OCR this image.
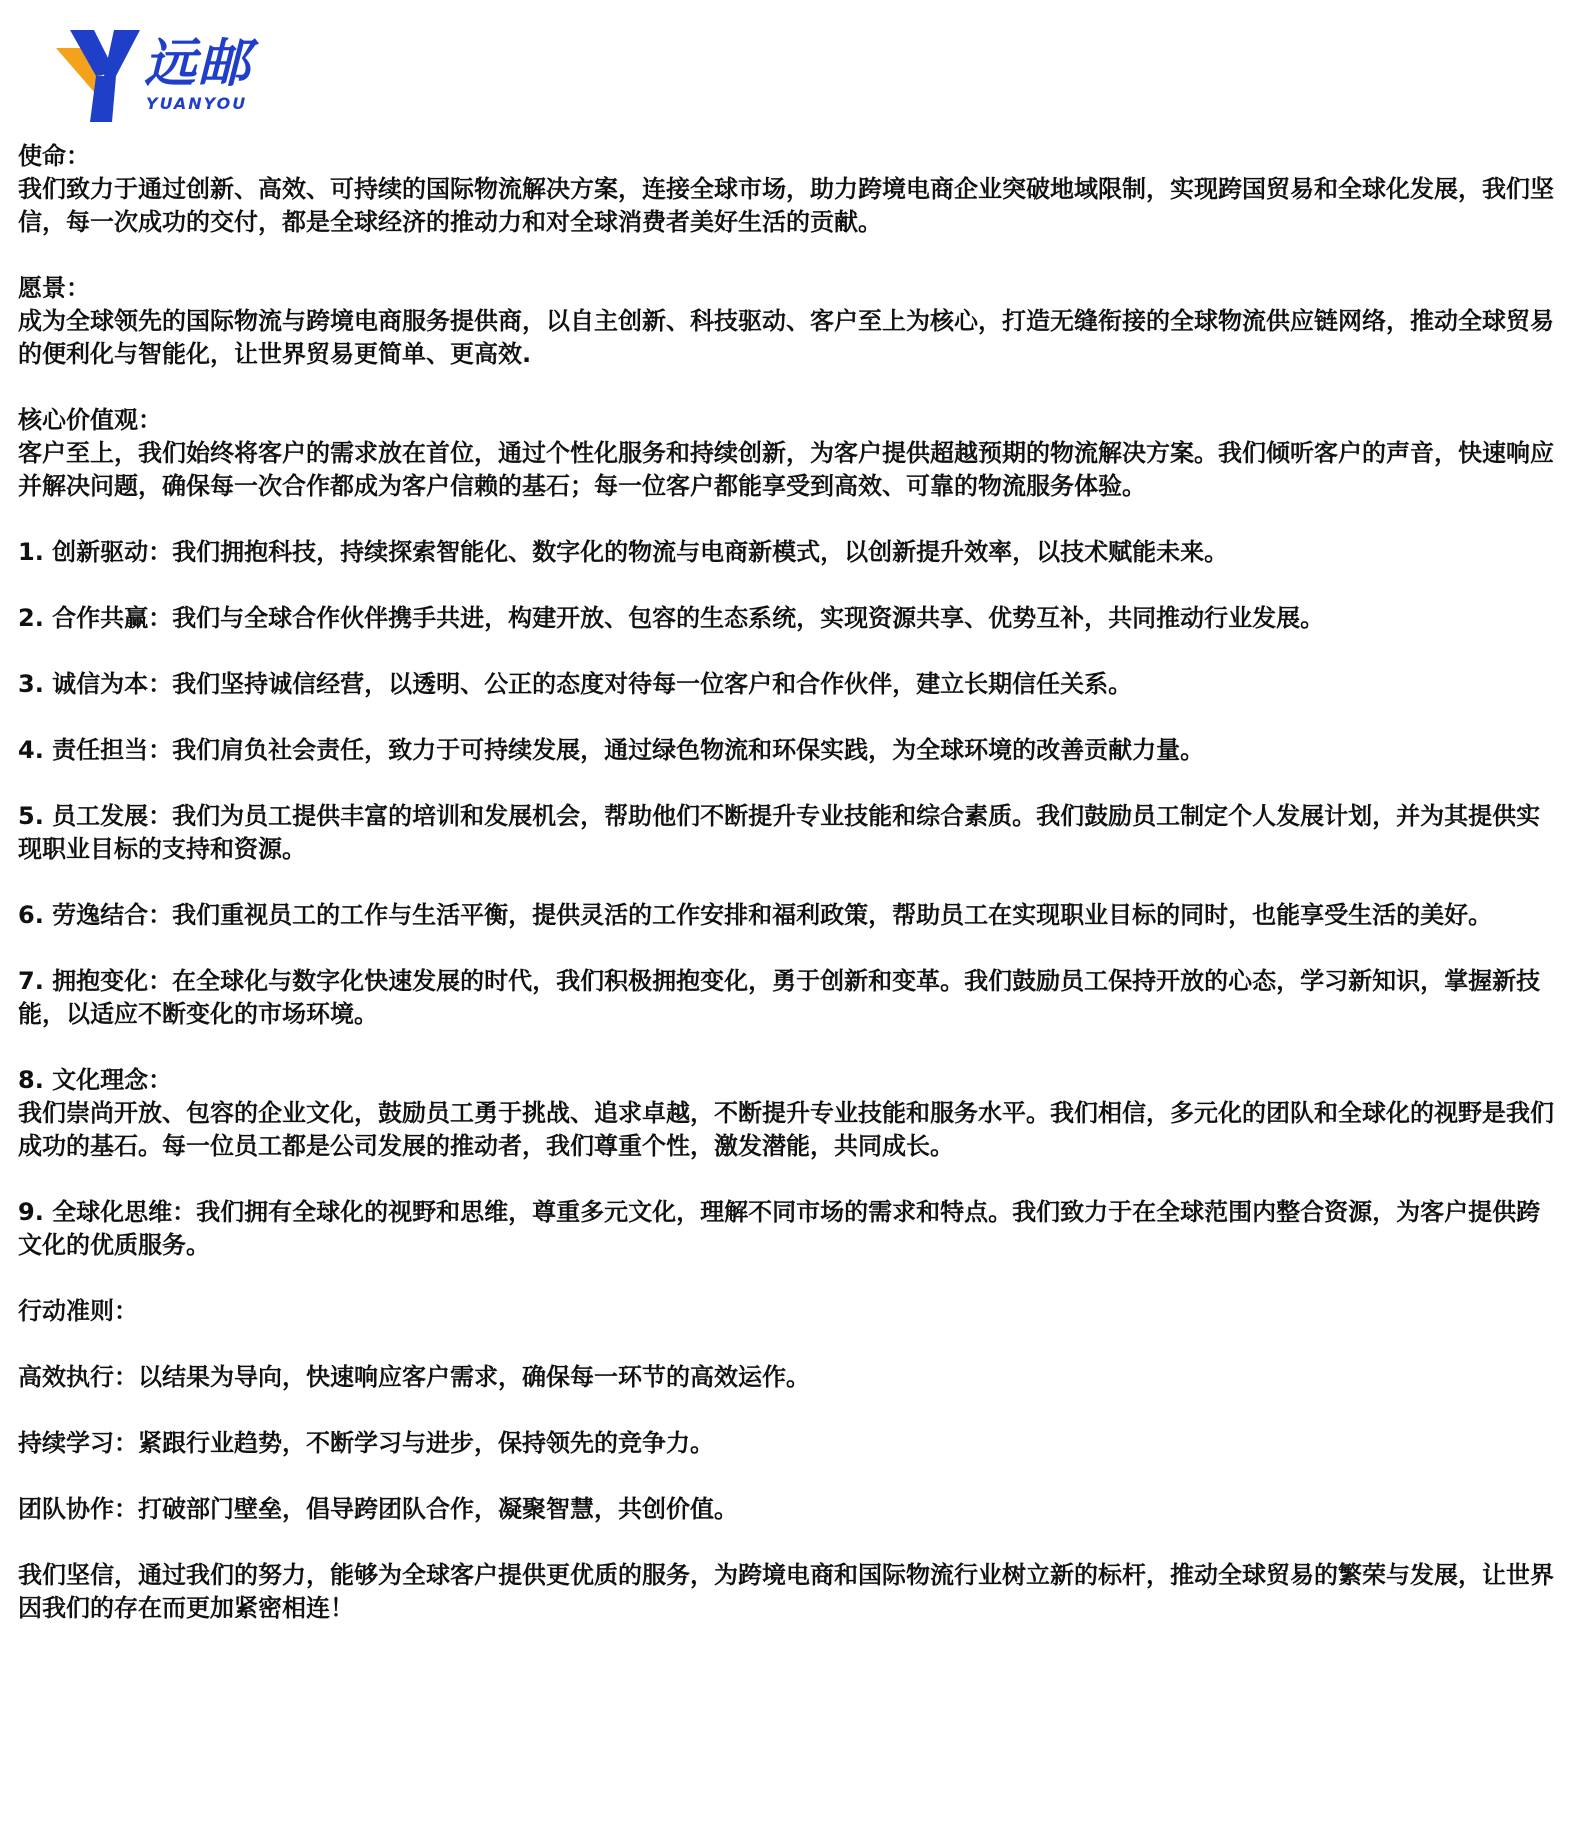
远邮
YUANYOU

使命：

我们致力于通过创新、高效、可持续的国际物流解决方案，连接全球市场，助力跨境电商企业突破地域限制，实现跨国贸易和全球化发展，我们坚信，每一次成功的交付，都是全球经济的推动力和对全球消费者美好生活的贡献。

愿景：

成为全球领先的国际物流与跨境电商服务提供商，以自主创新、科技驱动、客户至上为核心，打造无缝衔接的全球物流供应链网络，推动全球贸易的便利化与智能化，让世界贸易更简单、更高效.

核心价值观：

客户至上，我们始终将客户的需求放在首位，通过个性化服务和持续创新，为客户提供超越预期的物流解决方案。我们倾听客户的声音，快速响应并解决问题，确保每一次合作都成为客户信赖的基石；每一位客户都能享受到高效、可靠的物流服务体验。

1. 创新驱动：我们拥抱科技，持续探索智能化、数字化的物流与电商新模式，以创新提升效率，以技术赋能未来。

2. 合作共赢：我们与全球合作伙伴携手共进，构建开放、包容的生态系统，实现资源共享、优势互补，共同推动行业发展。

3. 诚信为本：我们坚持诚信经营，以透明、公正的态度对待每一位客户和合作伙伴，建立长期信任关系。

4. 责任担当：我们肩负社会责任，致力于可持续发展，通过绿色物流和环保实践，为全球环境的改善贡献力量。

5. 员工发展：我们为员工提供丰富的培训和发展机会，帮助他们不断提升专业技能和综合素质。我们鼓励员工制定个人发展计划，并为其提供实现职业目标的支持和资源。

6. 劳逸结合：我们重视员工的工作与生活平衡，提供灵活的工作安排和福利政策，帮助员工在实现职业目标的同时，也能享受生活的美好。

7. 拥抱变化：在全球化与数字化快速发展的时代，我们积极拥抱变化，勇于创新和变革。我们鼓励员工保持开放的心态，学习新知识，掌握新技能，以适应不断变化的市场环境。

8. 文化理念：

我们崇尚开放、包容的企业文化，鼓励员工勇于挑战、追求卓越，不断提升专业技能和服务水平。我们相信，多元化的团队和全球化的视野是我们成功的基石。每一位员工都是公司发展的推动者，我们尊重个性，激发潜能，共同成长。

9. 全球化思维：我们拥有全球化的视野和思维，尊重多元文化，理解不同市场的需求和特点。我们致力于在全球范围内整合资源，为客户提供跨文化的优质服务。

行动准则：

高效执行：以结果为导向，快速响应客户需求，确保每一环节的高效运作。

持续学习：紧跟行业趋势，不断学习与进步，保持领先的竞争力。

团队协作：打破部门壁垒，倡导跨团队合作，凝聚智慧，共创价值。

我们坚信，通过我们的努力，能够为全球客户提供更优质的服务，为跨境电商和国际物流行业树立新的标杆，推动全球贸易的繁荣与发展，让世界因我们的存在而更加紧密相连！
